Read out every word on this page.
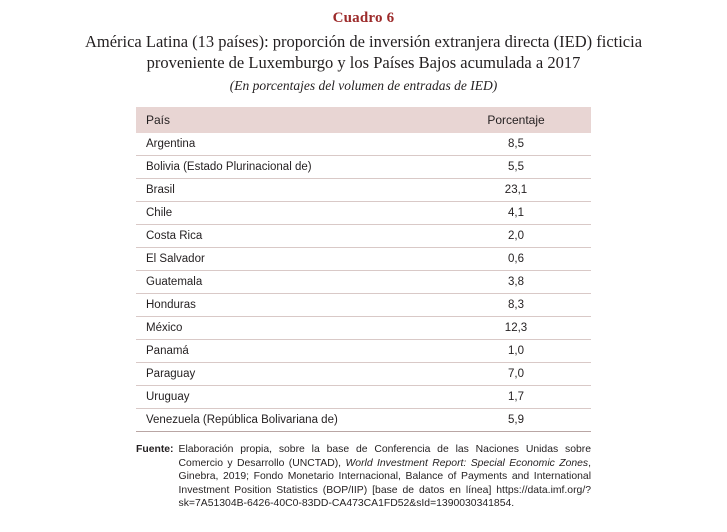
Cuadro 6
América Latina (13 países): proporción de inversión extranjera directa (IED) ficticia proveniente de Luxemburgo y los Países Bajos acumulada a 2017
(En porcentajes del volumen de entradas de IED)
País	Porcentaje
Argentina	8,5
Bolivia (Estado Plurinacional de)	5,5
Brasil	23,1
Chile	4,1
Costa Rica	2,0
El Salvador	0,6
Guatemala	3,8
Honduras	8,3
México	12,3
Panamá	1,0
Paraguay	7,0
Uruguay	1,7
Venezuela (República Bolivariana de)	5,9
Fuente: Elaboración propia, sobre la base de Conferencia de las Naciones Unidas sobre Comercio y Desarrollo (UNCTAD), World Investment Report: Special Economic Zones, Ginebra, 2019; Fondo Monetario Internacional, Balance of Payments and International Investment Position Statistics (BOP/IIP) [base de datos en línea] https://data.imf.org/?sk=7A51304B-6426-40C0-83DD-CA473CA1FD52&sId=1390030341854.
